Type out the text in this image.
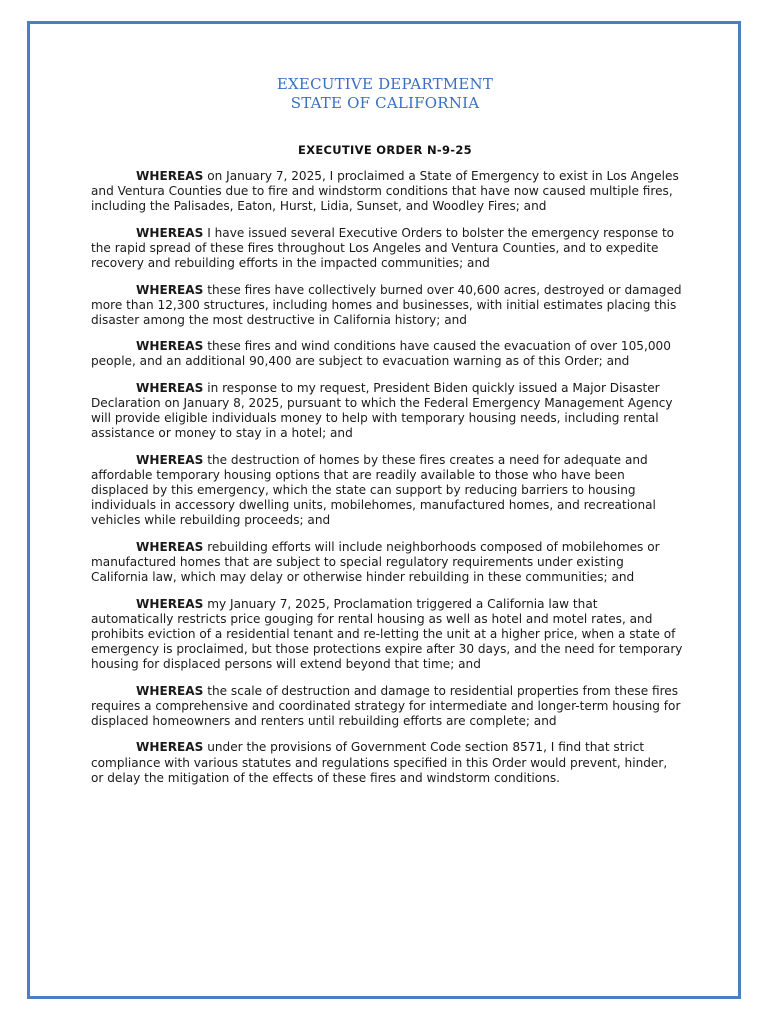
EXECUTIVE DEPARTMENT
STATE OF CALIFORNIA
EXECUTIVE ORDER N-9-25

WHEREAS on January 7, 2025, I proclaimed a State of Emergency to exist in Los Angeles and Ventura Counties due to fire and windstorm conditions that have now caused multiple fires, including the Palisades, Eaton, Hurst, Lidia, Sunset, and Woodley Fires; and

WHEREAS I have issued several Executive Orders to bolster the emergency response to the rapid spread of these fires throughout Los Angeles and Ventura Counties, and to expedite recovery and rebuilding efforts in the impacted communities; and

WHEREAS these fires have collectively burned over 40,600 acres, destroyed or damaged more than 12,300 structures, including homes and businesses, with initial estimates placing this disaster among the most destructive in California history; and

WHEREAS these fires and wind conditions have caused the evacuation of over 105,000 people, and an additional 90,400 are subject to evacuation warning as of this Order; and

WHEREAS in response to my request, President Biden quickly issued a Major Disaster Declaration on January 8, 2025, pursuant to which the Federal Emergency Management Agency will provide eligible individuals money to help with temporary housing needs, including rental assistance or money to stay in a hotel; and

WHEREAS the destruction of homes by these fires creates a need for adequate and affordable temporary housing options that are readily available to those who have been displaced by this emergency, which the state can support by reducing barriers to housing individuals in accessory dwelling units, mobilehomes, manufactured homes, and recreational vehicles while rebuilding proceeds; and

WHEREAS rebuilding efforts will include neighborhoods composed of mobilehomes or manufactured homes that are subject to special regulatory requirements under existing California law, which may delay or otherwise hinder rebuilding in these communities; and

WHEREAS my January 7, 2025, Proclamation triggered a California law that automatically restricts price gouging for rental housing as well as hotel and motel rates, and prohibits eviction of a residential tenant and re-letting the unit at a higher price, when a state of emergency is proclaimed, but those protections expire after 30 days, and the need for temporary housing for displaced persons will extend beyond that time; and

WHEREAS the scale of destruction and damage to residential properties from these fires requires a comprehensive and coordinated strategy for intermediate and longer-term housing for displaced homeowners and renters until rebuilding efforts are complete; and

WHEREAS under the provisions of Government Code section 8571, I find that strict compliance with various statutes and regulations specified in this Order would prevent, hinder, or delay the mitigation of the effects of these fires and windstorm conditions.
